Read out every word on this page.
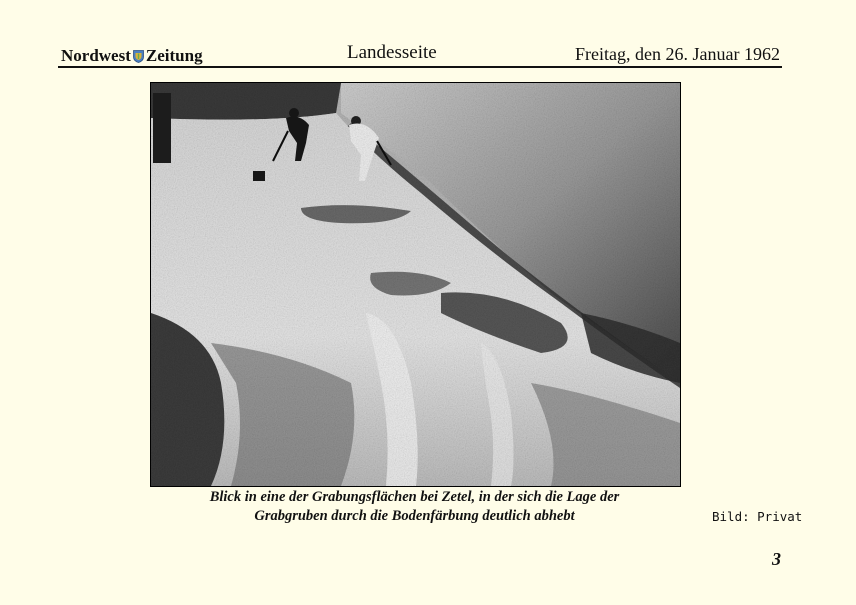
Nordwest Zeitung	Landesseite	Freitag, den 26. Januar 1962
Blick in eine der Grabungsflächen bei Zetel, in der sich die Lage der
Grabgruben durch die Bodenfärbung deutlich abhebt	Bild: Privat
3
